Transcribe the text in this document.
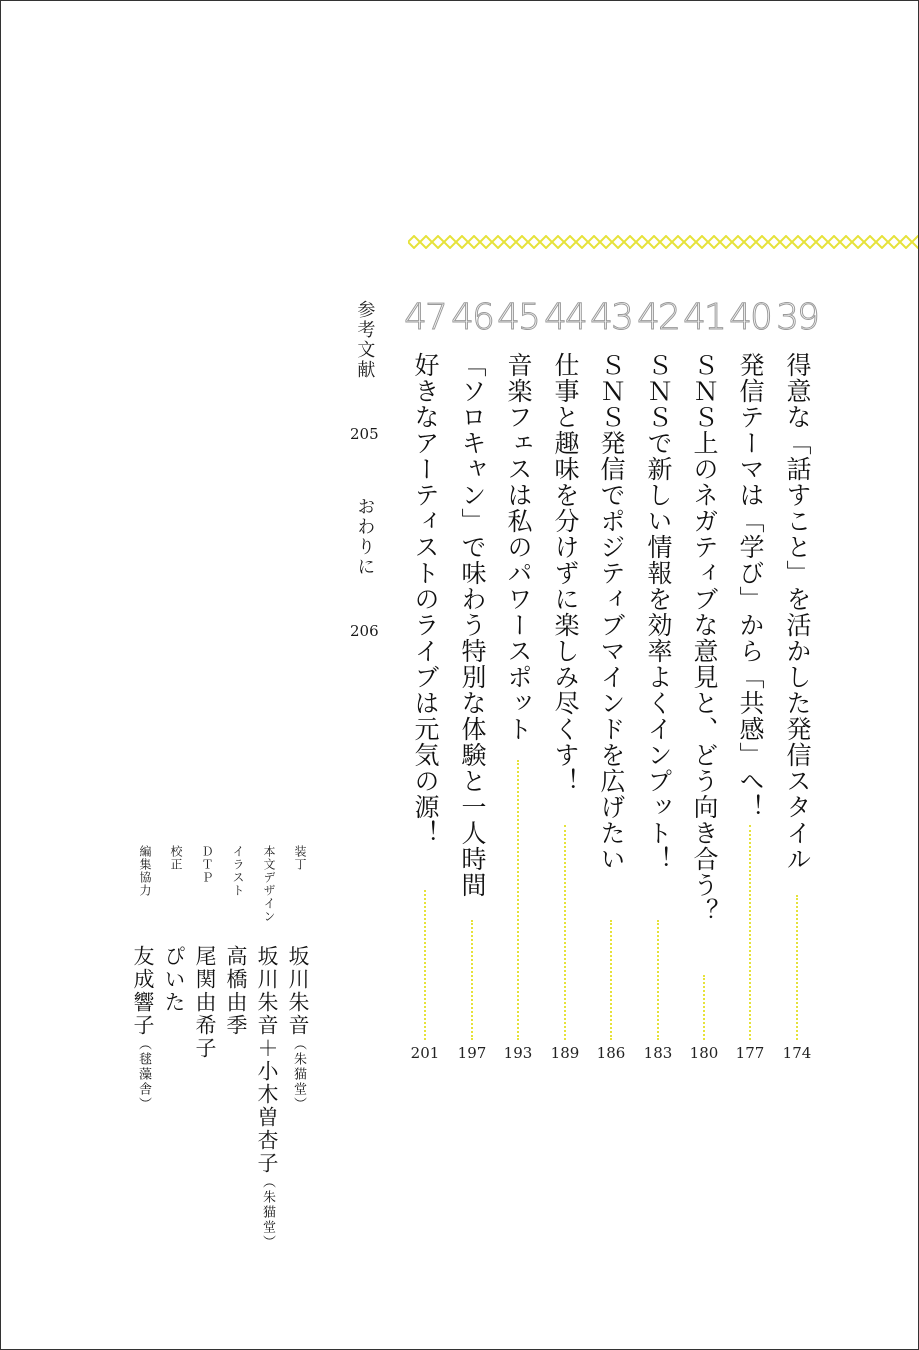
39
得意な「話すこと」を活かした発信スタイル
174
40
発信テーマは「学び」から「共感」へ！
177
41
ＳＮＳ上のネガティブな意見と、どう向き合う？
180
42
ＳＮＳで新しい情報を効率よくインプット！
183
43
ＳＮＳ発信でポジティブマインドを広げたい
186
44
仕事と趣味を分けずに楽しみ尽くす！
189
45
音楽フェスは私のパワースポット
193
46
「ソロキャン」で味わう特別な体験と一人時間
197
47
好きなアーティストのライブは元気の源！
201
参考文献  205  おわりに  206
装丁
坂川朱音（朱猫堂）
本文デザイン
坂川朱音＋小木曽杏子（朱猫堂）
イラスト
高橋由季
ＤＴＰ
尾関由希子
校正
ぴいた
編集協力
友成響子（毬藻舎）
